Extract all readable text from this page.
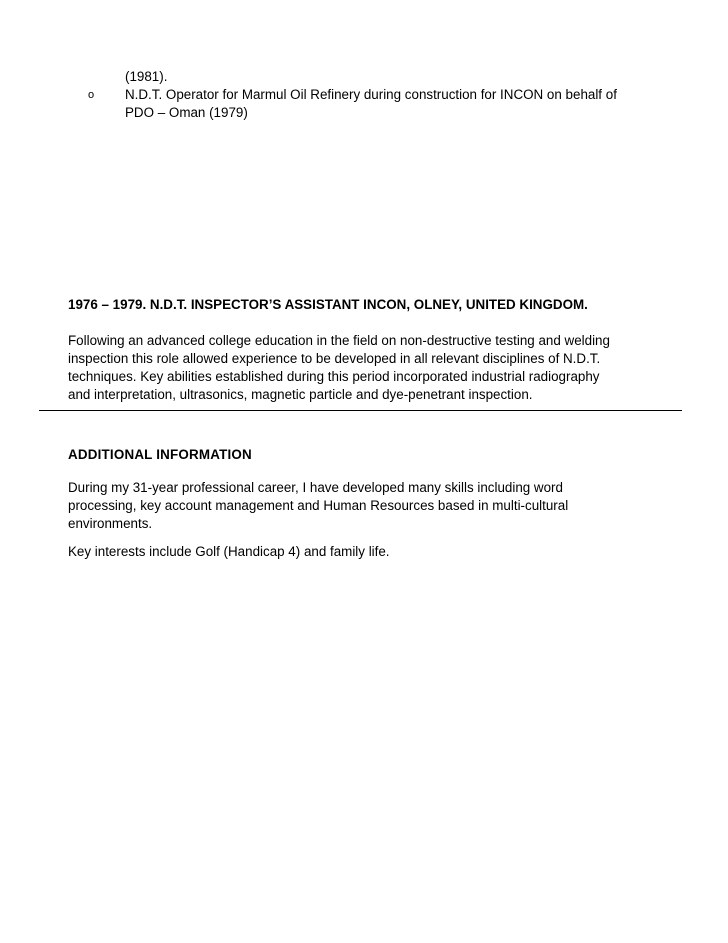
(1981).
o N.D.T. Operator for Marmul Oil Refinery during construction for INCON on behalf of
PDO – Oman (1979)
1976 – 1979. N.D.T. INSPECTOR’S ASSISTANT INCON, OLNEY, UNITED KINGDOM.
Following an advanced college education in the field on non-destructive testing and welding
inspection this role allowed experience to be developed in all relevant disciplines of N.D.T.
techniques. Key abilities established during this period incorporated industrial radiography
and interpretation, ultrasonics, magnetic particle and dye-penetrant inspection.
ADDITIONAL INFORMATION
During my 31-year professional career, I have developed many skills including word
processing, key account management and Human Resources based in multi-cultural
environments.
Key interests include Golf (Handicap 4) and family life.
